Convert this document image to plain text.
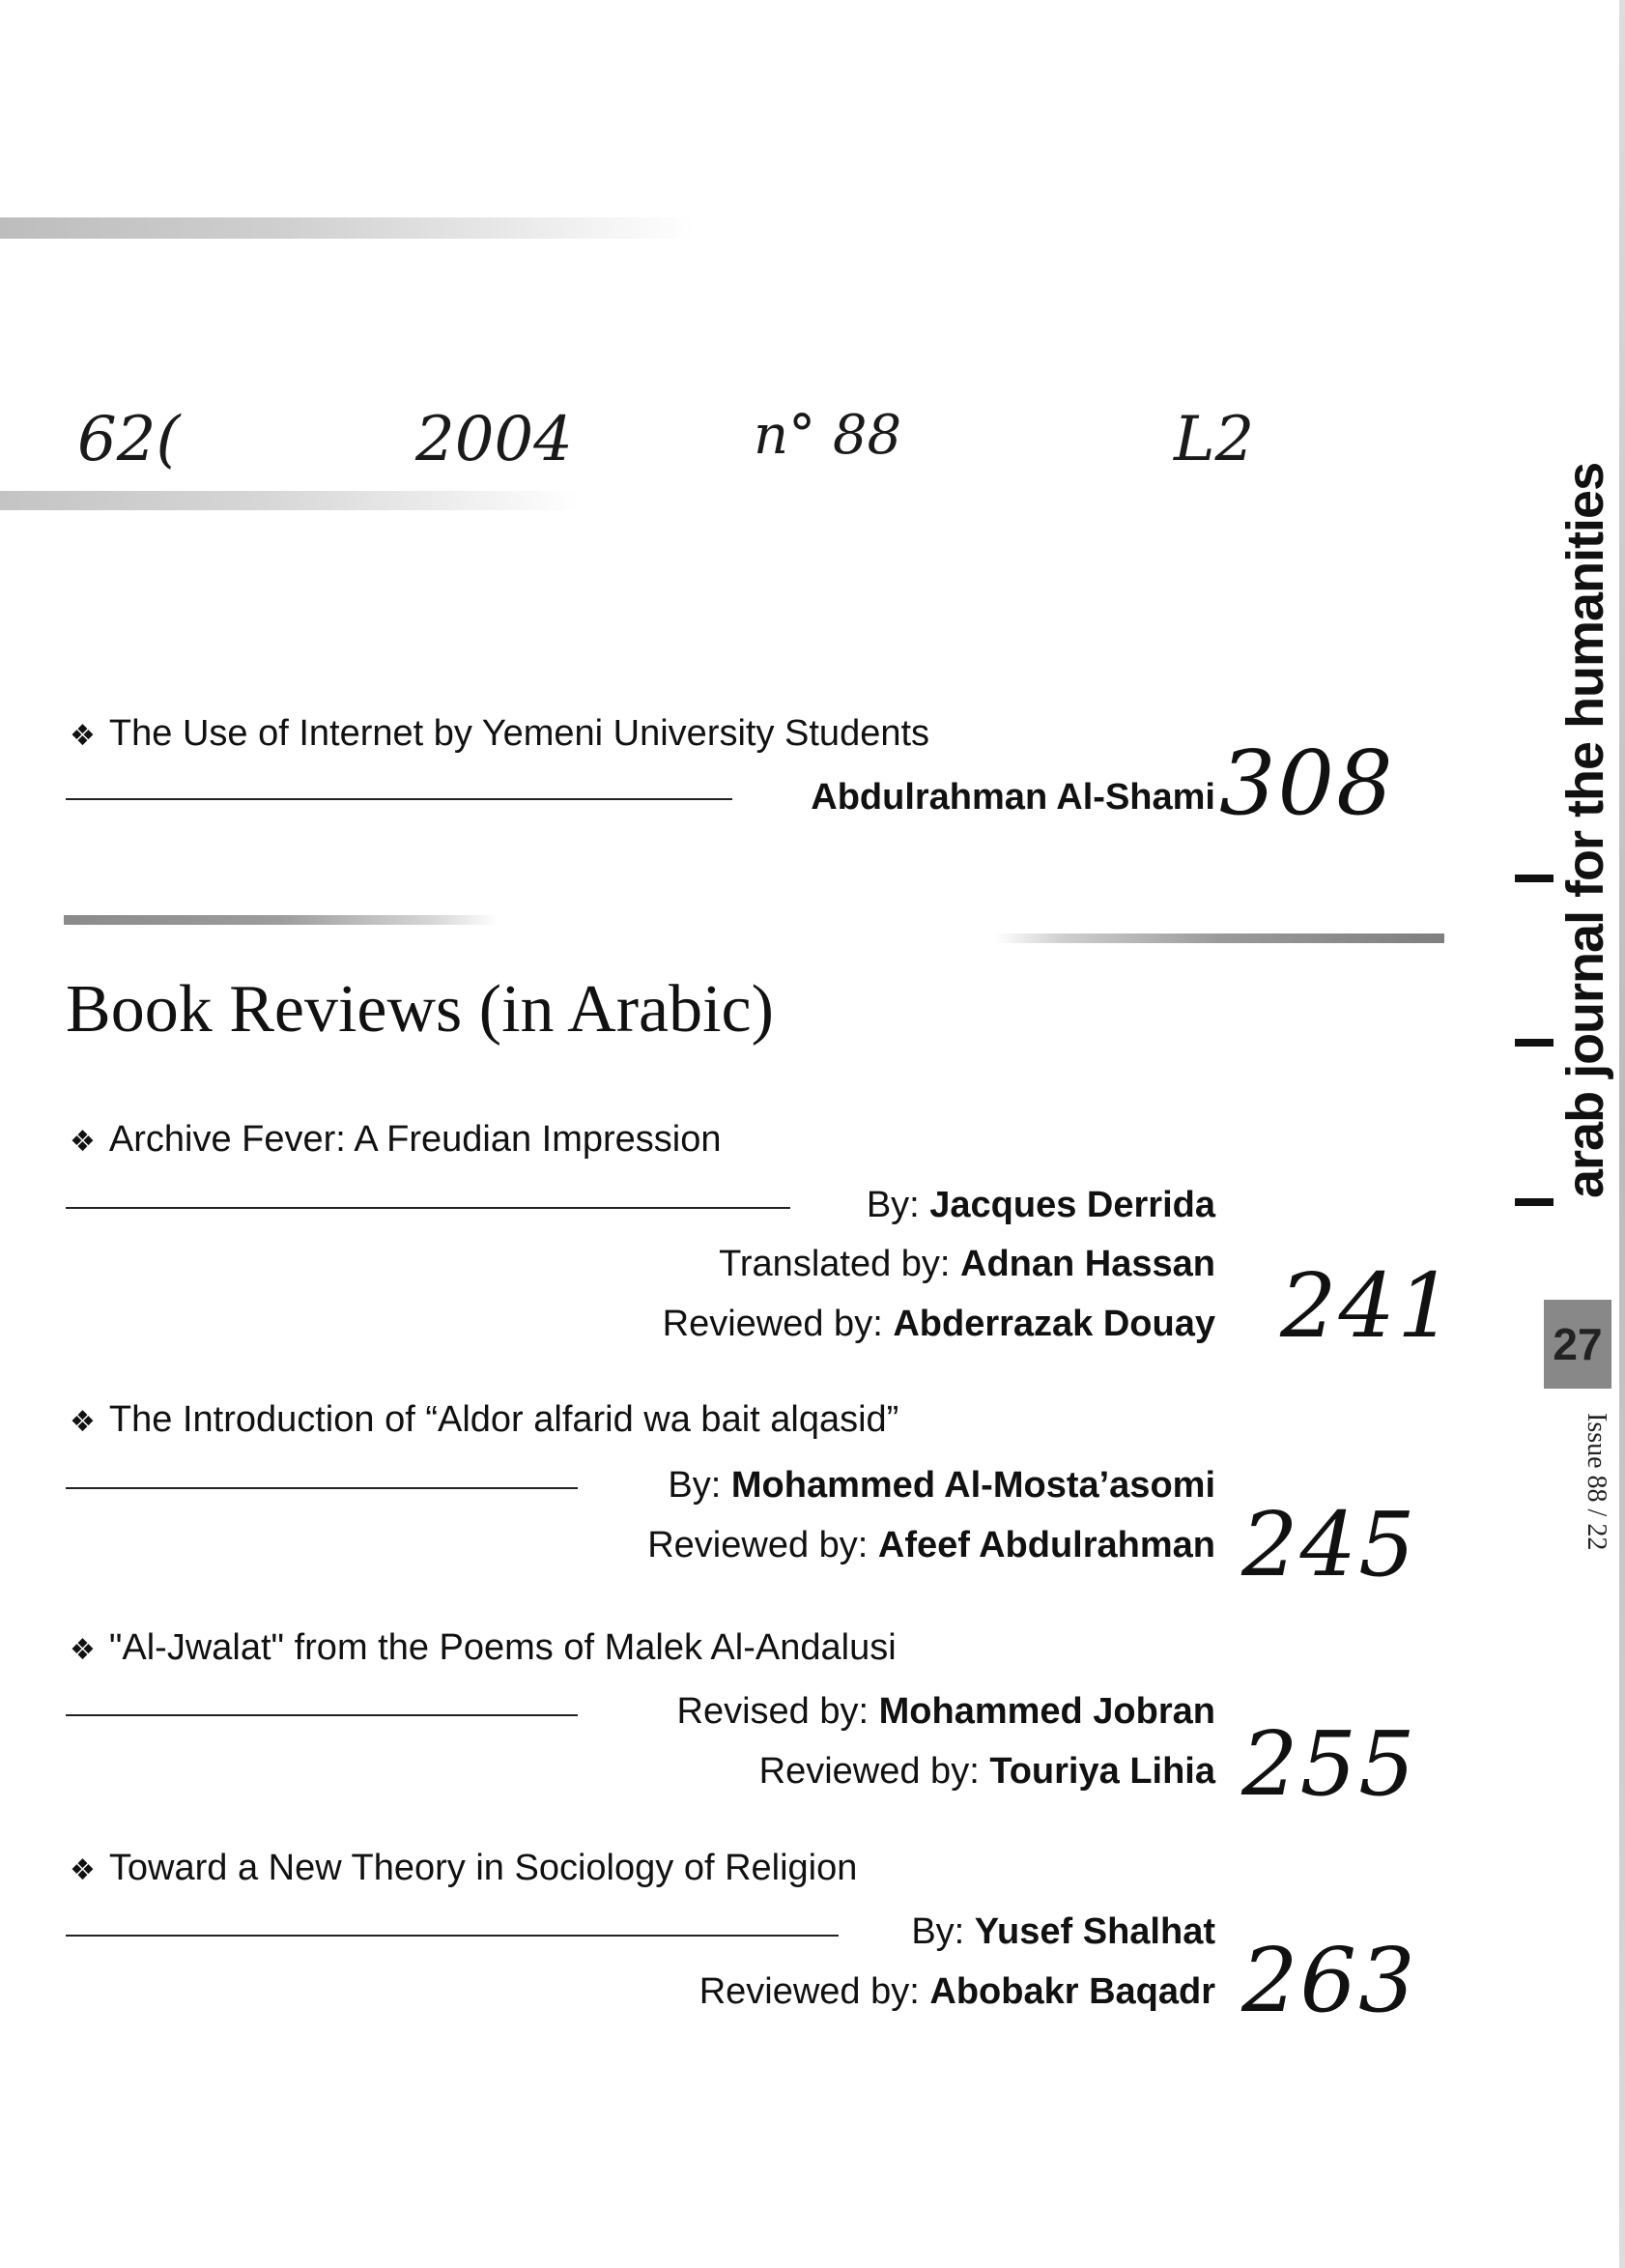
62(	2004	n° 88	L2
❖ The Use of Internet by Yemeni University Students
Abdulrahman Al-Shami 308
Book Reviews (in Arabic)
❖ Archive Fever: A Freudian Impression
By: Jacques Derrida
Translated by: Adnan Hassan
Reviewed by: Abderrazak Douay 241
❖ The Introduction of “Aldor alfarid wa bait alqasid”
By: Mohammed Al-Mosta’asomi
Reviewed by: Afeef Abdulrahman 245
❖ "Al-Jwalat" from the Poems of Malek Al-Andalusi
Revised by: Mohammed Jobran
Reviewed by: Touriya Lihia 255
❖ Toward a New Theory in Sociology of Religion
By: Yusef Shalhat
Reviewed by: Abobakr Baqadr 263
arab journal for the humanities
27
Issue 88 / 22
